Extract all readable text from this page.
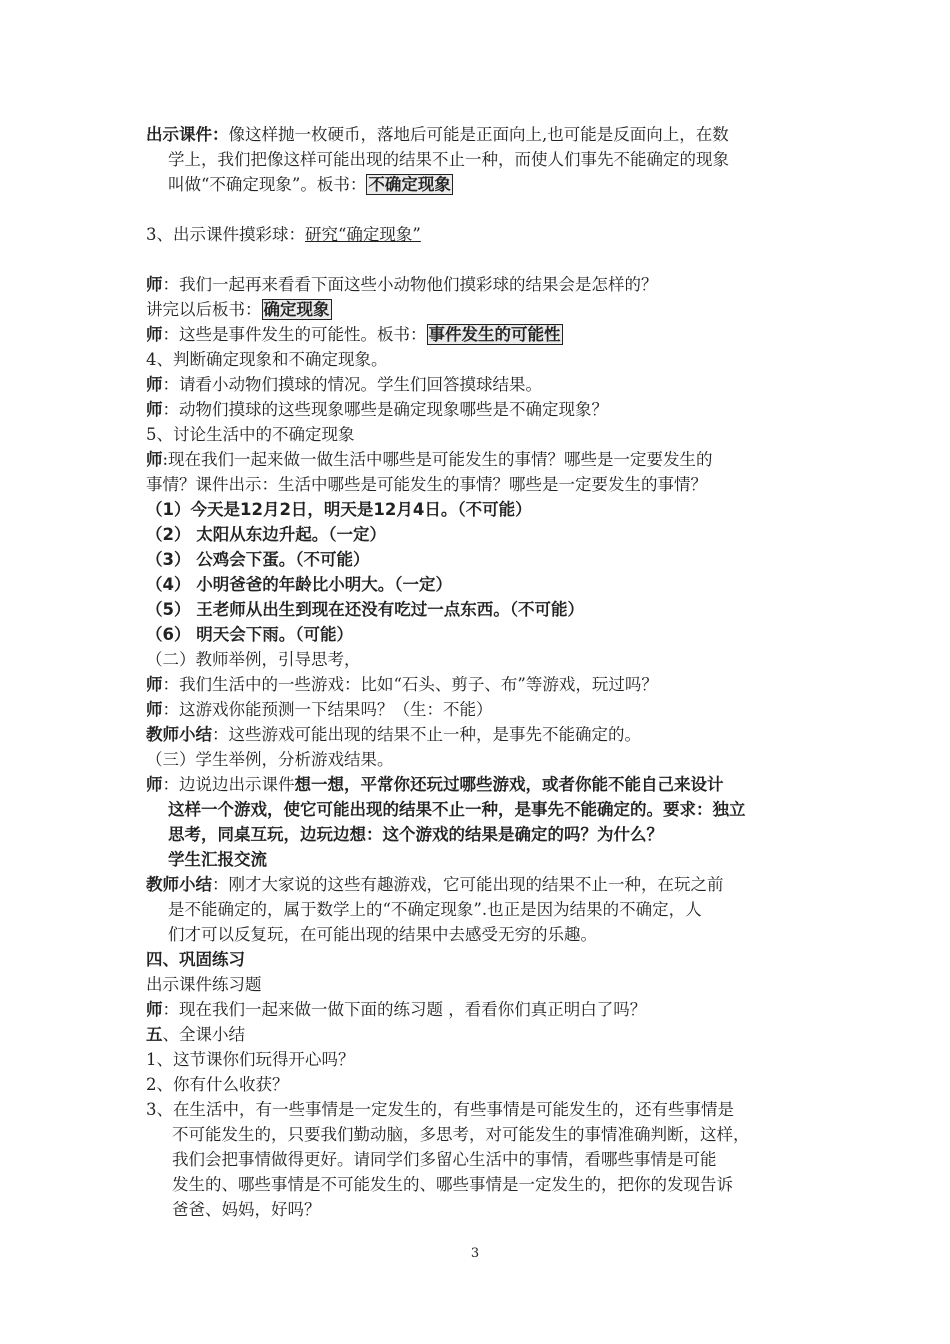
出示课件：像这样抛一枚硬币，落地后可能是正面向上,也可能是反面向上，在数
学上，我们把像这样可能出现的结果不止一种，而使人们事先不能确定的现象
叫做“不确定现象”。板书： 不确定现象
3、出示课件摸彩球：研究“确定现象”
师：我们一起再来看看下面这些小动物他们摸彩球的结果会是怎样的？
讲完以后板书： 确定现象
师：这些是事件发生的可能性。板书： 事件发生的可能性
4、判断确定现象和不确定现象。
师：请看小动物们摸球的情况。学生们回答摸球结果。
师：动物们摸球的这些现象哪些是确定现象哪些是不确定现象？
5、讨论生活中的不确定现象
师:现在我们一起来做一做生活中哪些是可能发生的事情？哪些是一定要发生的
事情？课件出示：生活中哪些是可能发生的事情？哪些是一定要发生的事情？
（1）今天是12月2日，明天是12月4日。（不可能）
（2） 太阳从东边升起。（一定）
（3） 公鸡会下蛋。（不可能）
（4） 小明爸爸的年龄比小明大。（一定）
（5） 王老师从出生到现在还没有吃过一点东西。（不可能）
（6） 明天会下雨。（可能）
（二）教师举例，引导思考，
师：我们生活中的一些游戏：比如“石头、剪子、布”等游戏，玩过吗？
师：这游戏你能预测一下结果吗？（生：不能）
教师小结：这些游戏可能出现的结果不止一种，是事先不能确定的。
（三）学生举例，分析游戏结果。
师：边说边出示课件想一想，平常你还玩过哪些游戏，或者你能不能自己来设计
这样一个游戏，使它可能出现的结果不止一种，是事先不能确定的。要求：独立
思考，同桌互玩，边玩边想：这个游戏的结果是确定的吗？为什么？
学生汇报交流
教师小结：刚才大家说的这些有趣游戏，它可能出现的结果不止一种，在玩之前
是不能确定的，属于数学上的“不确定现象”.也正是因为结果的不确定，人
们才可以反复玩，在可能出现的结果中去感受无穷的乐趣。
四、巩固练习
出示课件练习题
师：现在我们一起来做一做下面的练习题 ，看看你们真正明白了吗？
五、全课小结
1、这节课你们玩得开心吗？
2、你有什么收获？
3、在生活中，有一些事情是一定发生的，有些事情是可能发生的，还有些事情是
不可能发生的，只要我们勤动脑，多思考，对可能发生的事情准确判断，这样，
我们会把事情做得更好。请同学们多留心生活中的事情，看哪些事情是可能
发生的、哪些事情是不可能发生的、哪些事情是一定发生的，把你的发现告诉
爸爸、妈妈，好吗？
3
